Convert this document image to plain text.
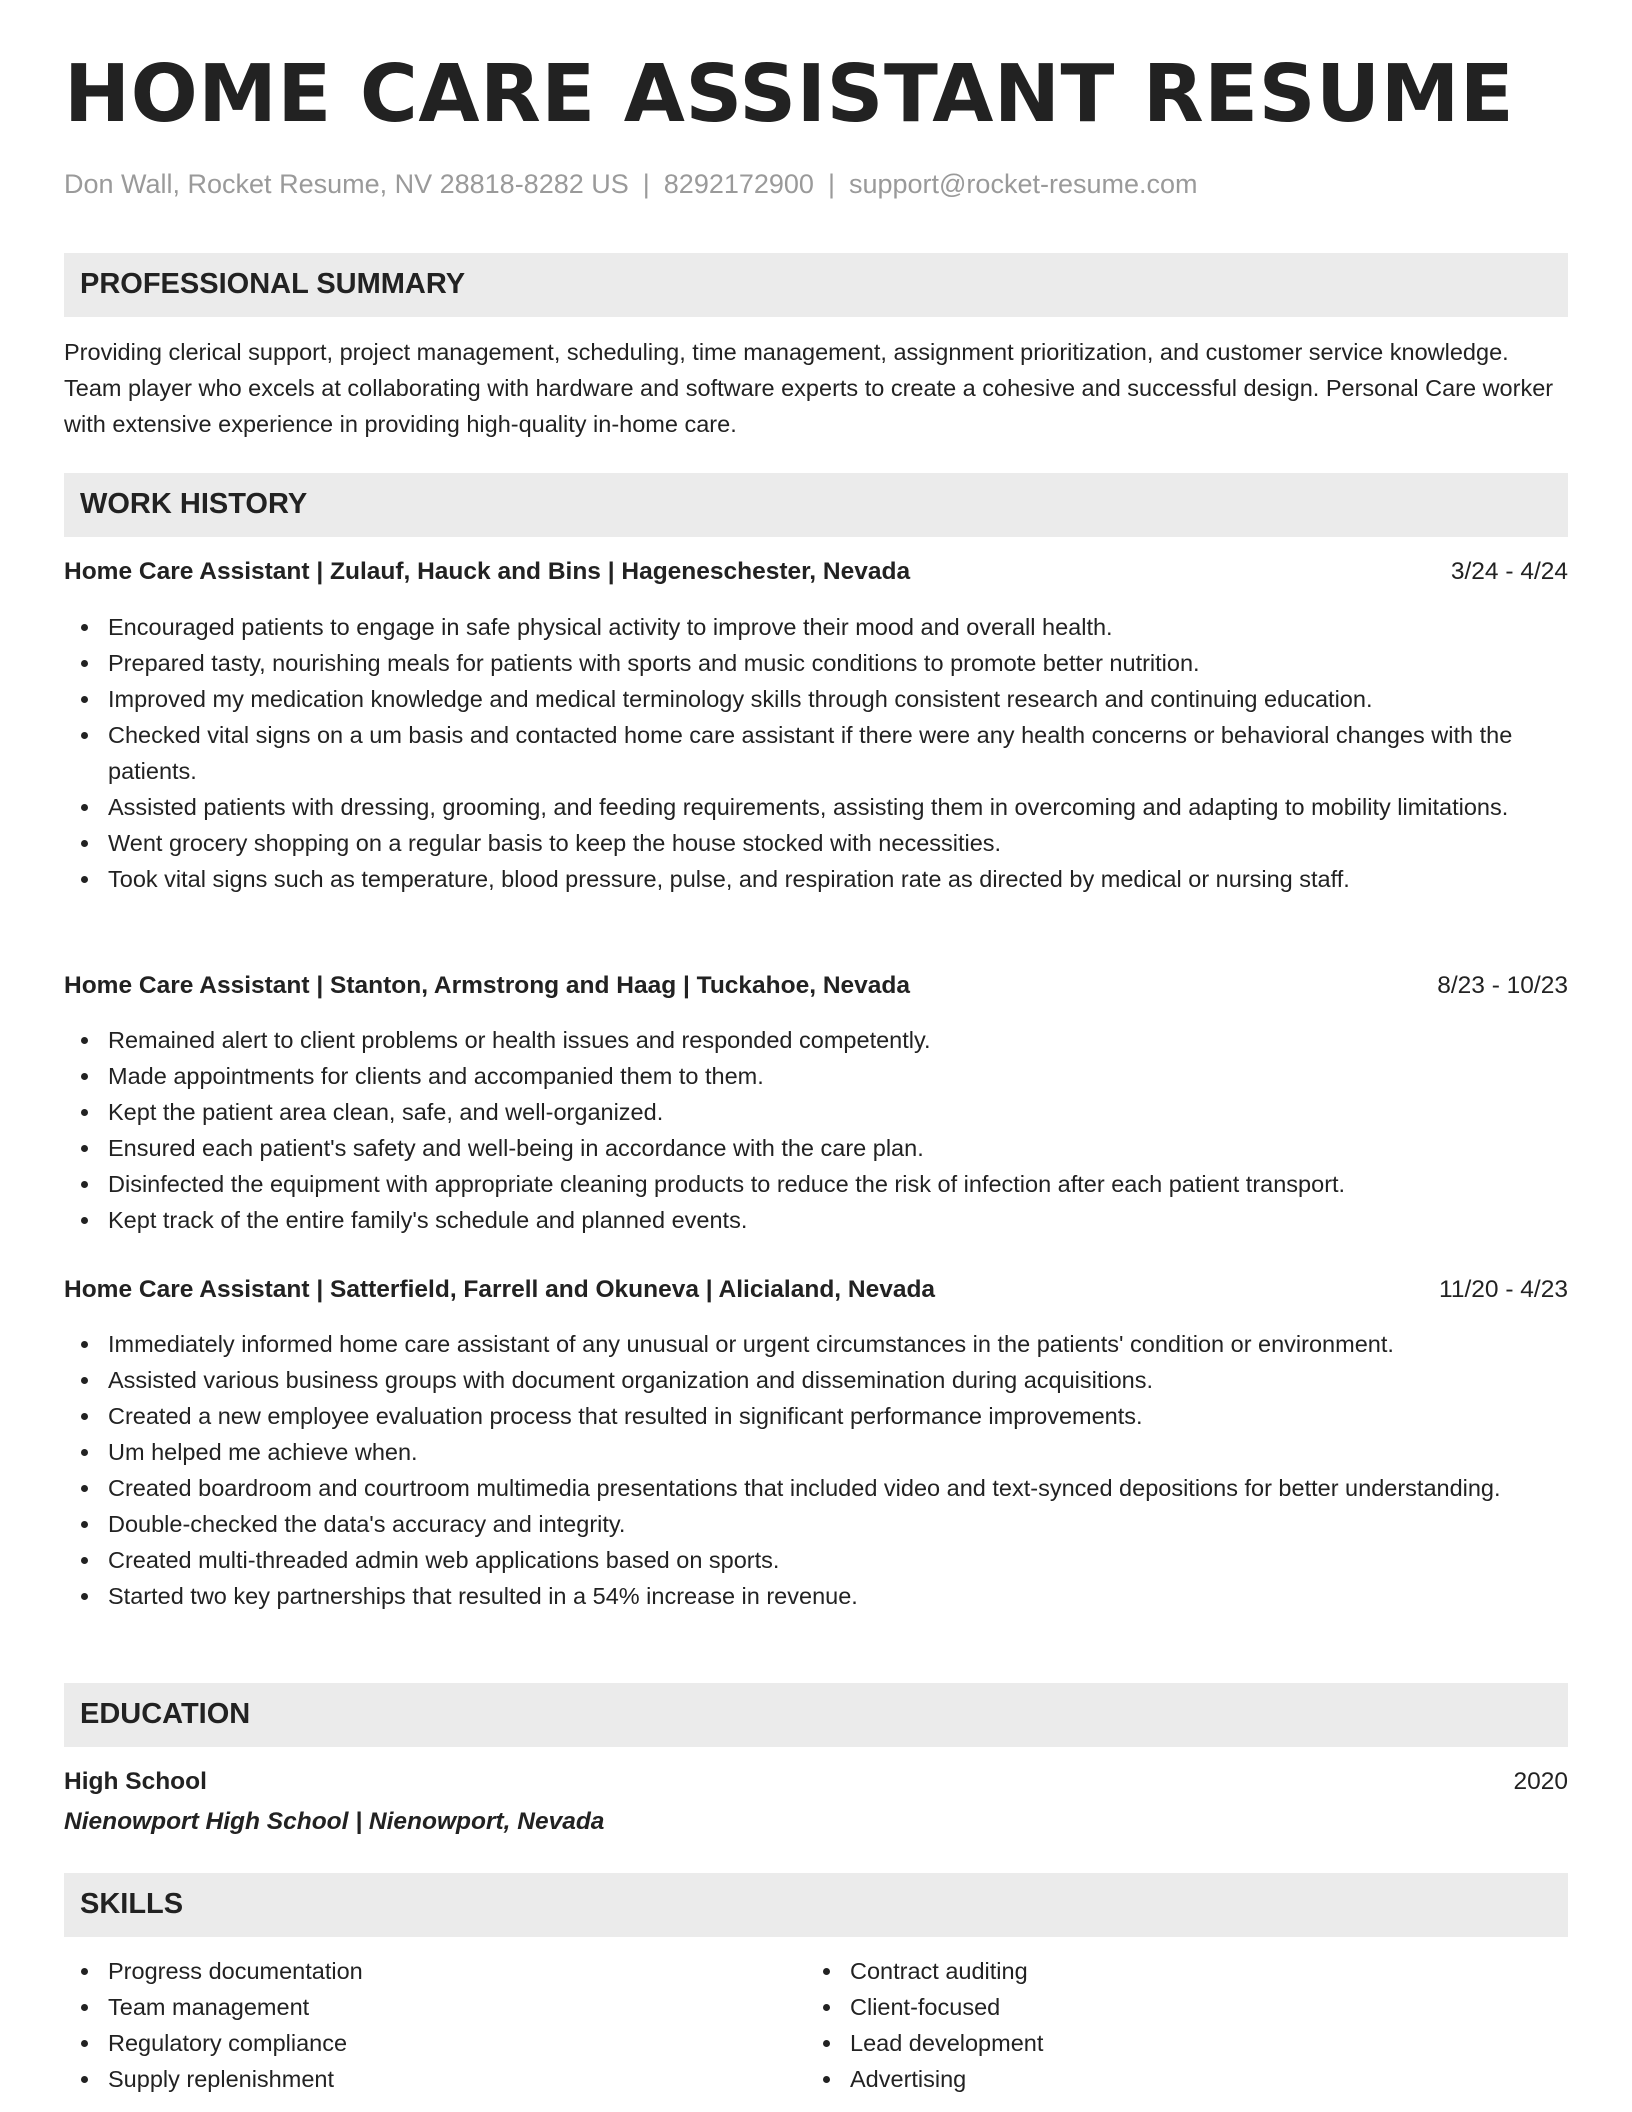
HOME CARE ASSISTANT RESUME
Don Wall, Rocket Resume, NV 28818-8282 US | 8292172900 | support@rocket-resume.com
PROFESSIONAL SUMMARY
Providing clerical support, project management, scheduling, time management, assignment prioritization, and customer service knowledge. Team player who excels at collaborating with hardware and software experts to create a cohesive and successful design. Personal Care worker with extensive experience in providing high-quality in-home care.
WORK HISTORY
Home Care Assistant | Zulauf, Hauck and Bins | Hageneschester, Nevada	3/24 - 4/24
Encouraged patients to engage in safe physical activity to improve their mood and overall health.
Prepared tasty, nourishing meals for patients with sports and music conditions to promote better nutrition.
Improved my medication knowledge and medical terminology skills through consistent research and continuing education.
Checked vital signs on a um basis and contacted home care assistant if there were any health concerns or behavioral changes with the patients.
Assisted patients with dressing, grooming, and feeding requirements, assisting them in overcoming and adapting to mobility limitations.
Went grocery shopping on a regular basis to keep the house stocked with necessities.
Took vital signs such as temperature, blood pressure, pulse, and respiration rate as directed by medical or nursing staff.
Home Care Assistant | Stanton, Armstrong and Haag | Tuckahoe, Nevada	8/23 - 10/23
Remained alert to client problems or health issues and responded competently.
Made appointments for clients and accompanied them to them.
Kept the patient area clean, safe, and well-organized.
Ensured each patient's safety and well-being in accordance with the care plan.
Disinfected the equipment with appropriate cleaning products to reduce the risk of infection after each patient transport.
Kept track of the entire family's schedule and planned events.
Home Care Assistant | Satterfield, Farrell and Okuneva | Alicialand, Nevada	11/20 - 4/23
Immediately informed home care assistant of any unusual or urgent circumstances in the patients' condition or environment.
Assisted various business groups with document organization and dissemination during acquisitions.
Created a new employee evaluation process that resulted in significant performance improvements.
Um helped me achieve when.
Created boardroom and courtroom multimedia presentations that included video and text-synced depositions for better understanding.
Double-checked the data's accuracy and integrity.
Created multi-threaded admin web applications based on sports.
Started two key partnerships that resulted in a 54% increase in revenue.
EDUCATION
High School	2020
Nienowport High School | Nienowport, Nevada
SKILLS
Progress documentation
Team management
Regulatory compliance
Supply replenishment
Contract auditing
Client-focused
Lead development
Advertising
